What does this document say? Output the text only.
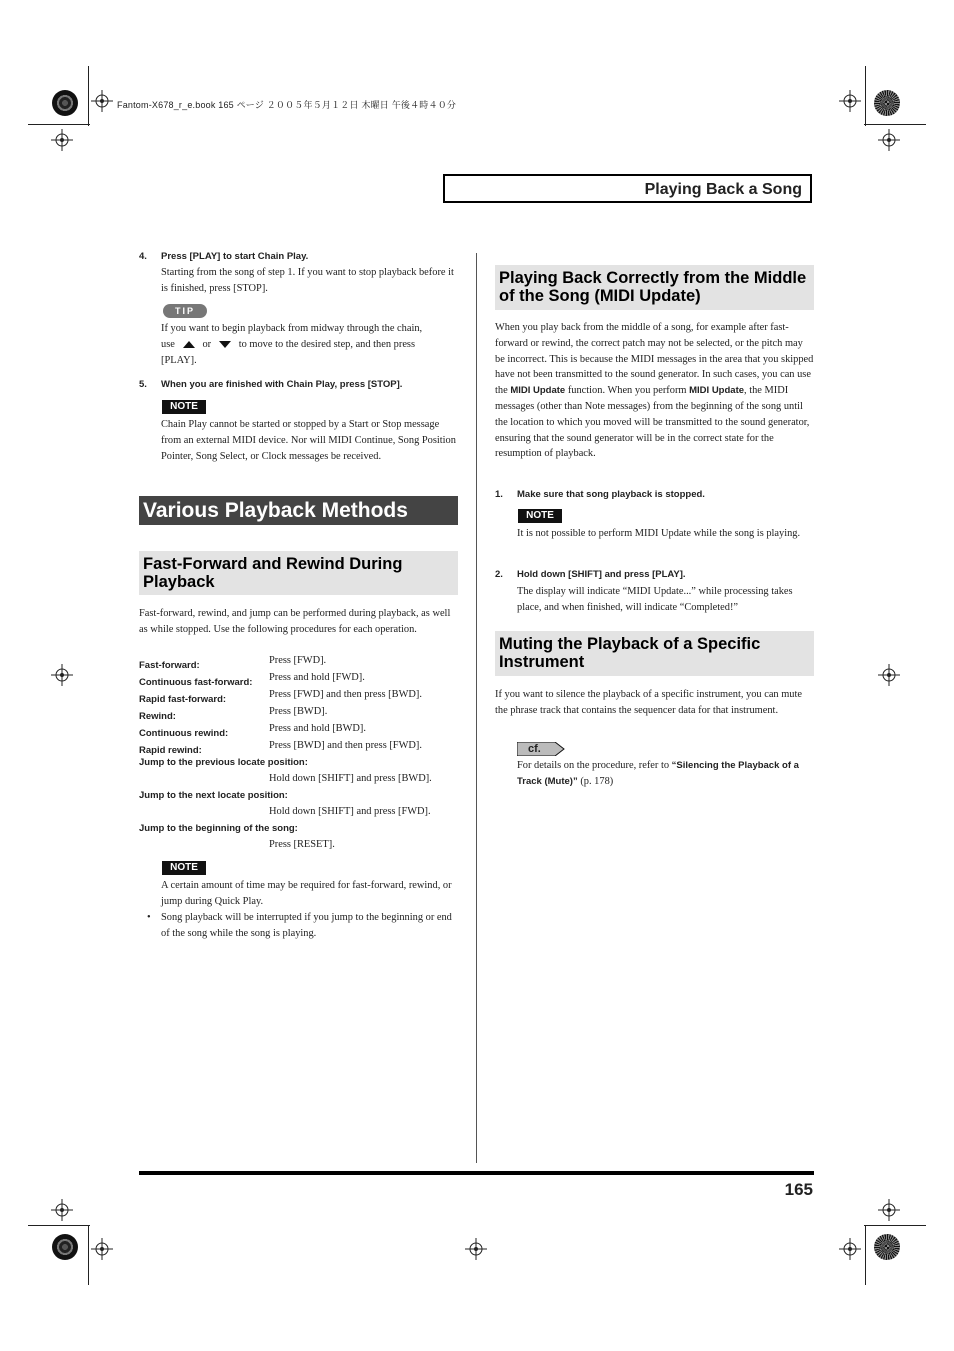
Fantom-X678_r_e.book 165 ページ ２００５年５月１２日 木曜日 午後４時４０分
Playing Back a Song
4. Press [PLAY] to start Chain Play.
Starting from the song of step 1. If you want to stop playback before it is finished, press [STOP].
TIP
If you want to begin playback from midway through the chain,
use	or	to move to the desired step, and then press
[PLAY].
5. When you are finished with Chain Play, press [STOP].
NOTE
Chain Play cannot be started or stopped by a Start or Stop message from an external MIDI device. Nor will MIDI Continue, Song Position Pointer, Song Select, or Clock messages be received.
Various Playback Methods
Fast-Forward and Rewind During Playback
Fast-forward, rewind, and jump can be performed during playback, as well as while stopped. Use the following procedures for each operation.
Fast-forward:	Press [FWD].
Continuous fast-forward: Press and hold [FWD].
Rapid fast-forward:	Press [FWD] and then press [BWD].
Rewind:	Press [BWD].
Continuous rewind:	Press and hold [BWD].
Rapid rewind:	Press [BWD] and then press [FWD].
Jump to the previous locate position:
Hold down [SHIFT] and press [BWD].
Jump to the next locate position:
Hold down [SHIFT] and press [FWD].
Jump to the beginning of the song:
Press [RESET].
NOTE
A certain amount of time may be required for fast-forward, rewind, or jump during Quick Play.
• Song playback will be interrupted if you jump to the beginning or end of the song while the song is playing.
Playing Back Correctly from the Middle of the Song (MIDI Update)
When you play back from the middle of a song, for example after fast-forward or rewind, the correct patch may not be selected, or the pitch may be incorrect. This is because the MIDI messages in the area that you skipped have not been transmitted to the sound generator. In such cases, you can use the MIDI Update function. When you perform MIDI Update, the MIDI messages (other than Note messages) from the beginning of the song until the location to which you moved will be transmitted to the sound generator, ensuring that the sound generator will be in the correct state for the resumption of playback.
1. Make sure that song playback is stopped.
NOTE
It is not possible to perform MIDI Update while the song is playing.
2. Hold down [SHIFT] and press [PLAY].
The display will indicate “MIDI Update...” while processing takes place, and when finished, will indicate “Completed!”
Muting the Playback of a Specific Instrument
If you want to silence the playback of a specific instrument, you can mute the phrase track that contains the sequencer data for that instrument.
cf.
For details on the procedure, refer to “Silencing the Playback of a Track (Mute)” (p. 178)
165
